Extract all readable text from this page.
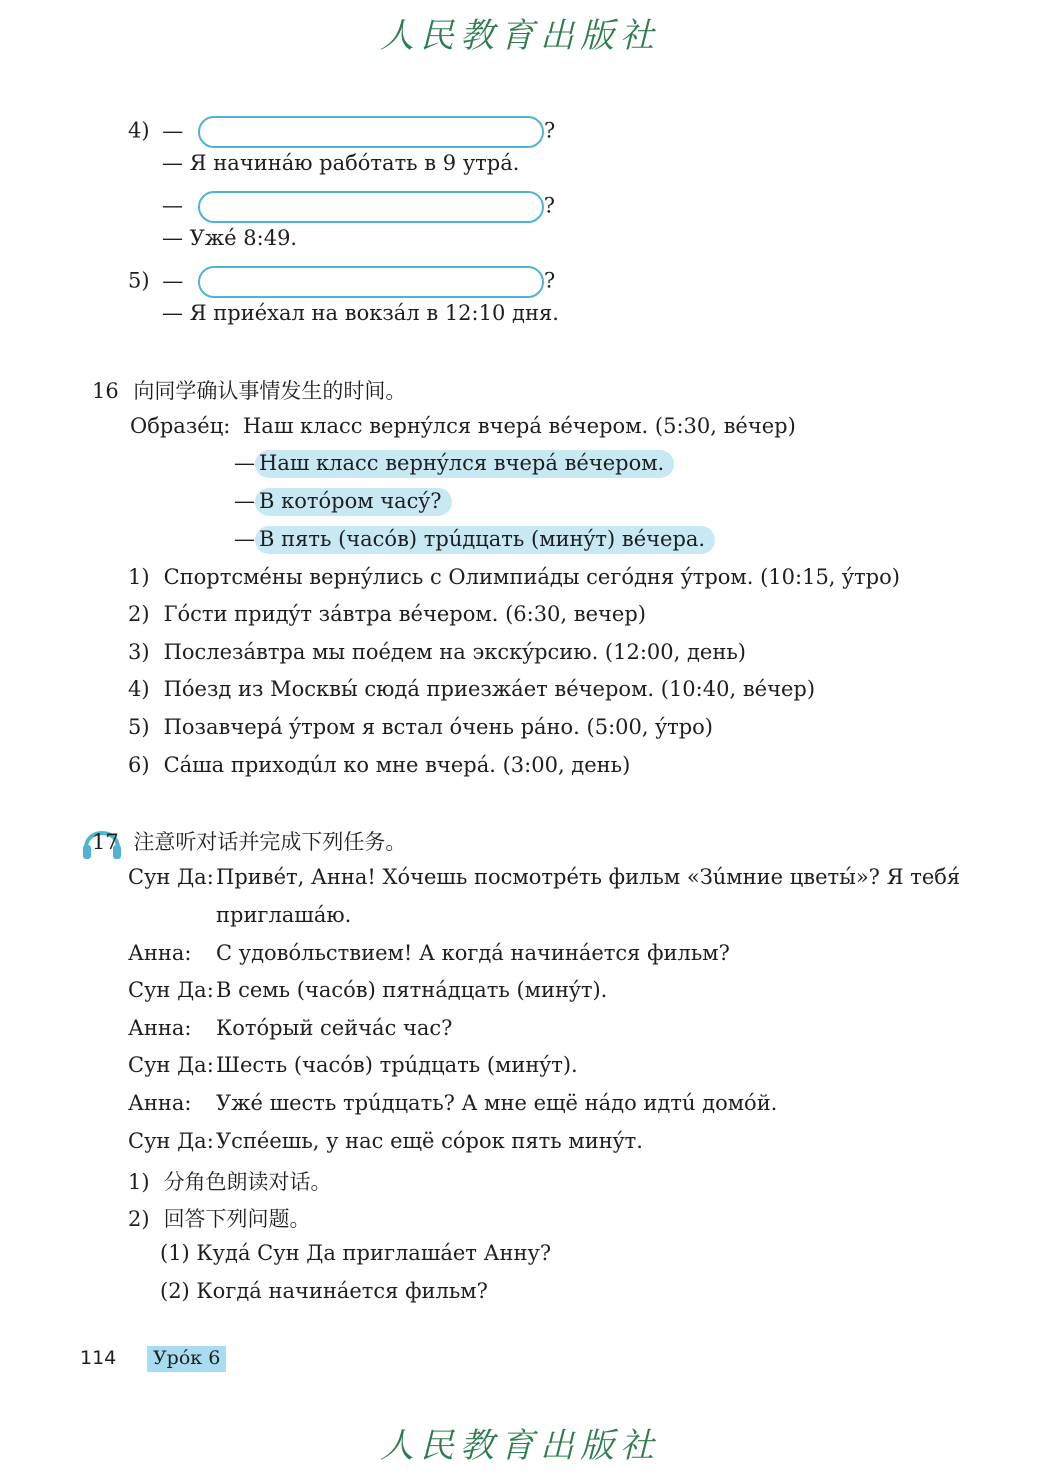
人民教育出版社
4) —	?
— Я начинáю рабóтать в 9 утрá.
—	?
— Ужé 8:49.
5) —	?
— Я приéхал на вокзáл в 12:10 дня.
16 向同学确认事情发生的时间。
Образéц: Наш класс вернýлся вчерá вéчером. (5:30, вéчер)
— Наш класс вернýлся вчерá вéчером.
— В котóром часý?
— В пять (часóв) трúдцать (минýт) вéчера.
1) Спортсмéны вернýлись с Олимпиáды сегóдня ýтром. (10:15, ýтро)
2) Гóсти придýт зáвтра вéчером. (6:30, вечер)
3) Послезáвтра мы поéдем на экскýрсию. (12:00, день)
4) Пóезд из Москвы́ сюдá приезжáет вéчером. (10:40, вéчер)
5) Позавчерá ýтром я встал óчень рáно. (5:00, ýтро)
6) Сáша приходúл ко мне вчерá. (3:00, день)
17 注意听对话并完成下列任务。
Сун Да: Привéт, Анна! Хóчешь посмотрéть фильм «Зúмние цветы́»? Я тебя́
приглашáю.
Анна: С удовóльствием! А когдá начинáется фильм?
Сун Да: В семь (часóв) пятнáдцать (минýт).
Анна: Котóрый сейчáс час?
Сун Да: Шесть (часóв) трúдцать (минýт).
Анна: Ужé шесть трúдцать? А мне ещё нáдо идтú домóй.
Сун Да: Успéешь, у нас ещё сóрок пять минýт.
1) 分角色朗读对话。
2) 回答下列问题。
(1) Кудá Сун Да приглашáет Анну?
(2) Когдá начинáется фильм?
114 Урóк 6
人民教育出版社
